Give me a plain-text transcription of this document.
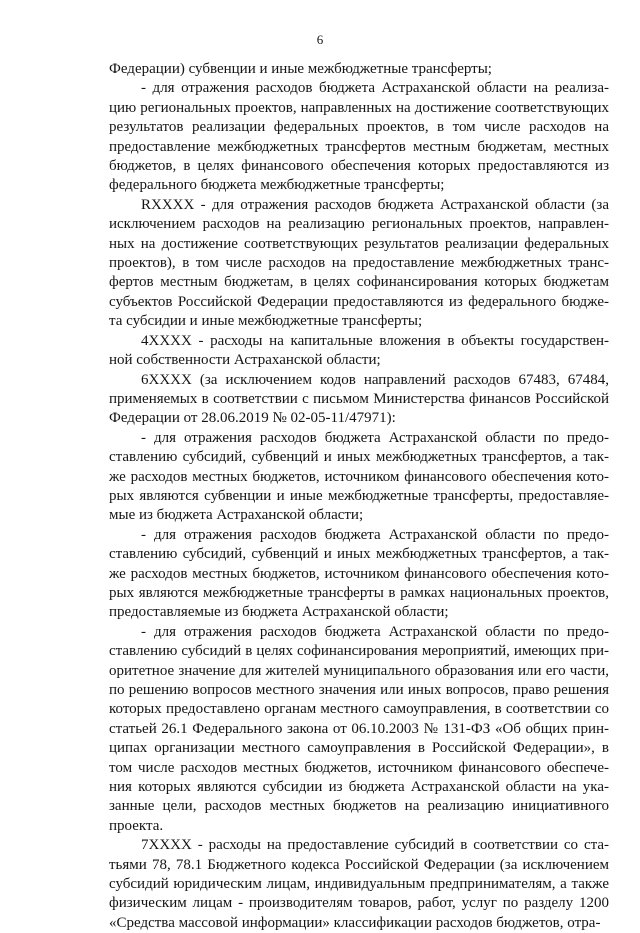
6
Федерации) субвенции и иные межбюджетные трансферты;
- для отражения расходов бюджета Астраханской области на реализа-
цию региональных проектов, направленных на достижение соответствующих
результатов реализации федеральных проектов, в том числе расходов на
предоставление межбюджетных трансфертов местным бюджетам, местных
бюджетов, в целях финансового обеспечения которых предоставляются из
федерального бюджета межбюджетные трансферты;
RXXXX - для отражения расходов бюджета Астраханской области (за
исключением расходов на реализацию региональных проектов, направлен-
ных на достижение соответствующих результатов реализации федеральных
проектов), в том числе расходов на предоставление межбюджетных транс-
фертов местным бюджетам, в целях софинансирования которых бюджетам
субъектов Российской Федерации предоставляются из федерального бюдже-
та субсидии и иные межбюджетные трансферты;
4XXXX - расходы на капитальные вложения в объекты государствен-
ной собственности Астраханской области;
6XXXX (за исключением кодов направлений расходов 67483, 67484,
применяемых в соответствии с письмом Министерства финансов Российской
Федерации от 28.06.2019 № 02-05-11/47971):
- для отражения расходов бюджета Астраханской области по предо-
ставлению субсидий, субвенций и иных межбюджетных трансфертов, а так-
же расходов местных бюджетов, источником финансового обеспечения кото-
рых являются субвенции и иные межбюджетные трансферты, предоставляе-
мые из бюджета Астраханской области;
- для отражения расходов бюджета Астраханской области по предо-
ставлению субсидий, субвенций и иных межбюджетных трансфертов, а так-
же расходов местных бюджетов, источником финансового обеспечения кото-
рых являются межбюджетные трансферты в рамках национальных проектов,
предоставляемые из бюджета Астраханской области;
- для отражения расходов бюджета Астраханской области по предо-
ставлению субсидий в целях софинансирования мероприятий, имеющих при-
оритетное значение для жителей муниципального образования или его части,
по решению вопросов местного значения или иных вопросов, право решения
которых предоставлено органам местного самоуправления, в соответствии со
статьей 26.1 Федерального закона от 06.10.2003 № 131-ФЗ «Об общих прин-
ципах организации местного самоуправления в Российской Федерации», в
том числе расходов местных бюджетов, источником финансового обеспече-
ния которых являются субсидии из бюджета Астраханской области на ука-
занные цели, расходов местных бюджетов на реализацию инициативного
проекта.
7XXXX - расходы на предоставление субсидий в соответствии со ста-
тьями 78, 78.1 Бюджетного кодекса Российской Федерации (за исключением
субсидий юридическим лицам, индивидуальным предпринимателям, а также
физическим лицам - производителям товаров, работ, услуг по разделу 1200
«Средства массовой информации» классификации расходов бюджетов, отра-
